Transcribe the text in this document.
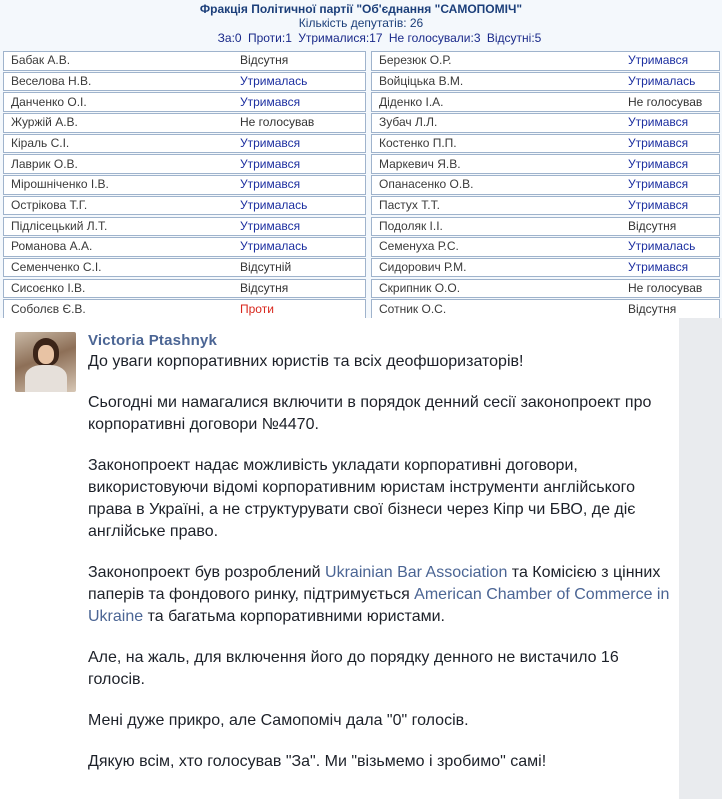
Фракція Політичної партії "Об'єднання "САМОПОМІЧ"
Кількість депутатів: 26
За:0 Проти:1 Утрималися:17 Не голосували:3 Відсутні:5
Бабак А.В.	Відсутня
Веселова Н.В.	Утрималась
Данченко О.І.	Утримався
Журжій А.В.	Не голосував
Кіраль С.І.	Утримався
Лаврик О.В.	Утримався
Мірошніченко І.В.	Утримався
Острікова Т.Г.	Утрималась
Підлісецький Л.Т.	Утримався
Романова А.А.	Утрималась
Семенченко С.І.	Відсутній
Сисоєнко І.В.	Відсутня
Соболєв Є.В.	Проти
Березюк О.Р.	Утримався
Войціцька В.М.	Утрималась
Діденко І.А.	Не голосував
Зубач Л.Л.	Утримався
Костенко П.П.	Утримався
Маркевич Я.В.	Утримався
Опанасенко О.В.	Утримався
Пастух Т.Т.	Утримався
Подоляк І.І.	Відсутня
Семенуха Р.С.	Утрималась
Сидорович Р.М.	Утримався
Скрипник О.О.	Не голосував
Сотник О.С.	Відсутня
Victoria Ptashnyk

До уваги корпоративних юристів та всіх деофшоризаторів!

Сьогодні ми намагалися включити в порядок денний сесії законопроект про корпоративні договори №4470.

Законопроект надає можливість укладати корпоративні договори, використовуючи відомі корпоративним юристам інструменти англійського права в Україні, а не структурувати свої бізнеси через Кіпр чи БВО, де діє англійське право.

Законопроект був розроблений Ukrainian Bar Association та Комісією з цінних паперів та фондового ринку, підтримується American Chamber of Commerce in Ukraine та багатьма корпоративними юристами.

Але, на жаль, для включення його до порядку денного не вистачило 16 голосів.

Мені дуже прикро, але Самопоміч дала "0" голосів.

Дякую всім, хто голосував "За". Ми "візьмемо і зробимо" самі!
